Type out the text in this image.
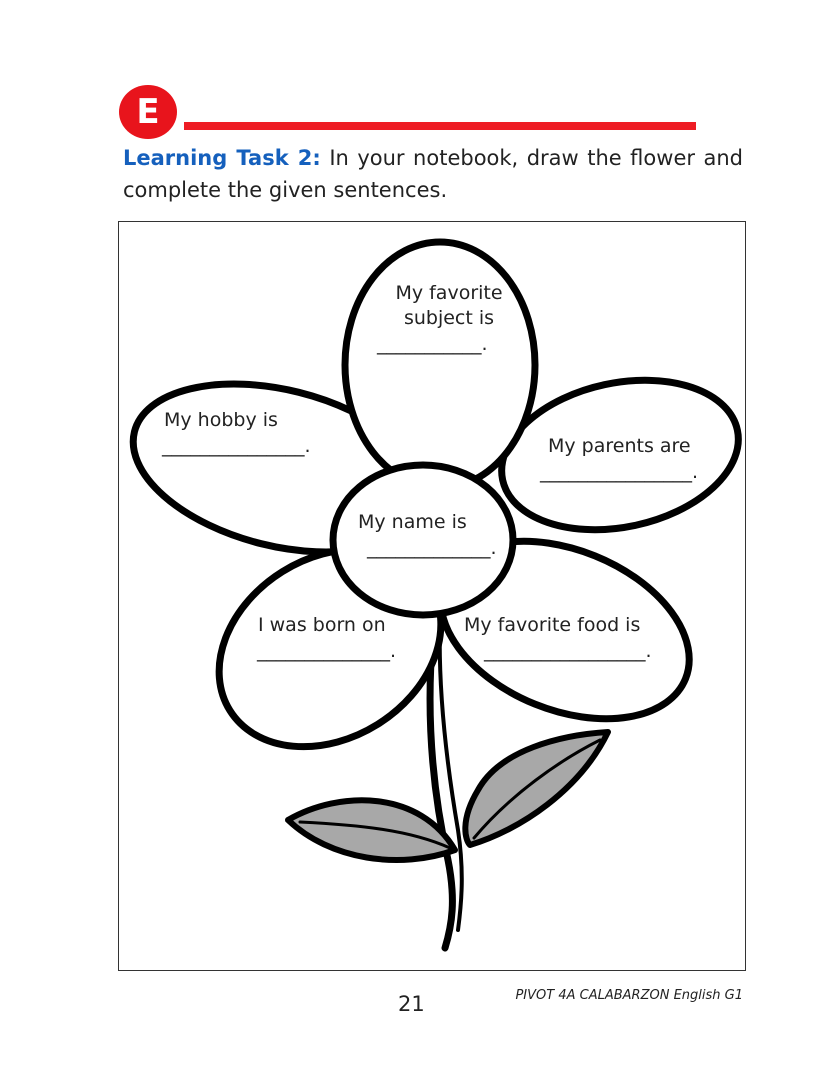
E

Learning Task 2: In your notebook, draw the flower and complete the given sentences.

My favorite
subject is
___________.
My hobby is
_______________.	My parents are
________________.
My name is
_____________.
I was born on
______________.
My favorite food is
_________________.
21	PIVOT 4A CALABARZON English G1
